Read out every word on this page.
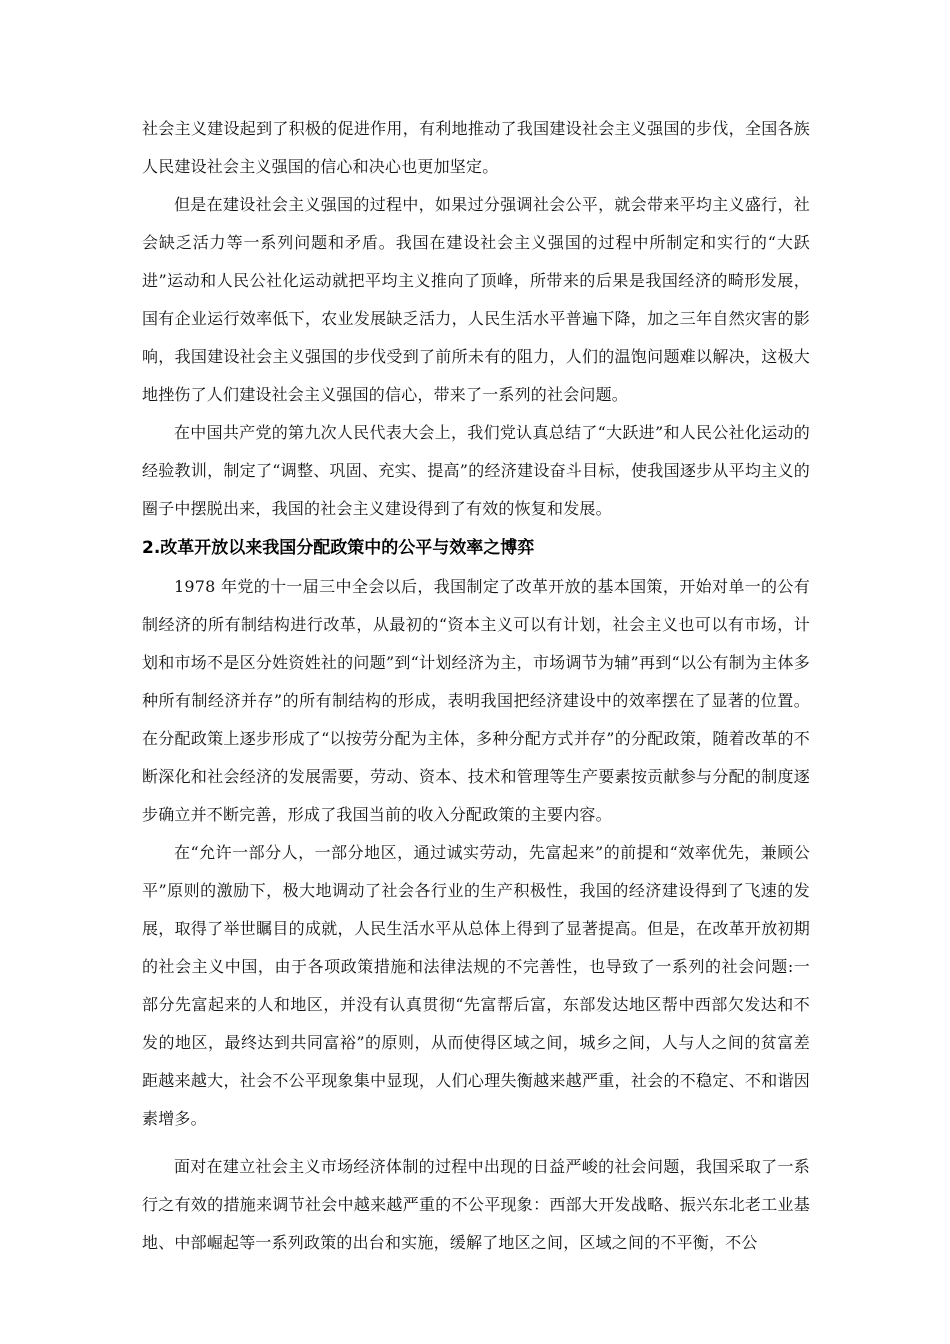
社会主义建设起到了积极的促进作用，有利地推动了我国建设社会主义强国的步伐，全国各族人民建设社会主义强国的信心和决心也更加坚定。

但是在建设社会主义强国的过程中，如果过分强调社会公平，就会带来平均主义盛行，社会缺乏活力等一系列问题和矛盾。我国在建设社会主义强国的过程中所制定和实行的“大跃进”运动和人民公社化运动就把平均主义推向了顶峰，所带来的后果是我国经济的畸形发展，国有企业运行效率低下，农业发展缺乏活力，人民生活水平普遍下降，加之三年自然灾害的影响，我国建设社会主义强国的步伐受到了前所未有的阻力，人们的温饱问题难以解决，这极大地挫伤了人们建设社会主义强国的信心，带来了一系列的社会问题。

在中国共产党的第九次人民代表大会上，我们党认真总结了“大跃进”和人民公社化运动的经验教训，制定了“调整、巩固、充实、提高”的经济建设奋斗目标，使我国逐步从平均主义的圈子中摆脱出来，我国的社会主义建设得到了有效的恢复和发展。

2.改革开放以来我国分配政策中的公平与效率之博弈

1978 年党的十一届三中全会以后，我国制定了改革开放的基本国策，开始对单一的公有制经济的所有制结构进行改革，从最初的“资本主义可以有计划，社会主义也可以有市场，计划和市场不是区分姓资姓社的问题”到“计划经济为主，市场调节为辅”再到“以公有制为主体多种所有制经济并存”的所有制结构的形成，表明我国把经济建设中的效率摆在了显著的位置。在分配政策上逐步形成了“以按劳分配为主体，多种分配方式并存”的分配政策，随着改革的不断深化和社会经济的发展需要，劳动、资本、技术和管理等生产要素按贡献参与分配的制度逐步确立并不断完善，形成了我国当前的收入分配政策的主要内容。

在“允许一部分人，一部分地区，通过诚实劳动，先富起来”的前提和“效率优先，兼顾公平”原则的激励下，极大地调动了社会各行业的生产积极性，我国的经济建设得到了飞速的发展，取得了举世瞩目的成就，人民生活水平从总体上得到了显著提高。但是，在改革开放初期的社会主义中国，由于各项政策措施和法律法规的不完善性，也导致了一系列的社会问题:一部分先富起来的人和地区，并没有认真贯彻“先富帮后富，东部发达地区帮中西部欠发达和不发的地区，最终达到共同富裕”的原则，从而使得区域之间，城乡之间，人与人之间的贫富差距越来越大，社会不公平现象集中显现，人们心理失衡越来越严重，社会的不稳定、不和谐因素增多。

面对在建立社会主义市场经济体制的过程中出现的日益严峻的社会问题，我国采取了一系行之有效的措施来调节社会中越来越严重的不公平现象：西部大开发战略、振兴东北老工业基地、中部崛起等一系列政策的出台和实施，缓解了地区之间，区域之间的不平衡，不公
